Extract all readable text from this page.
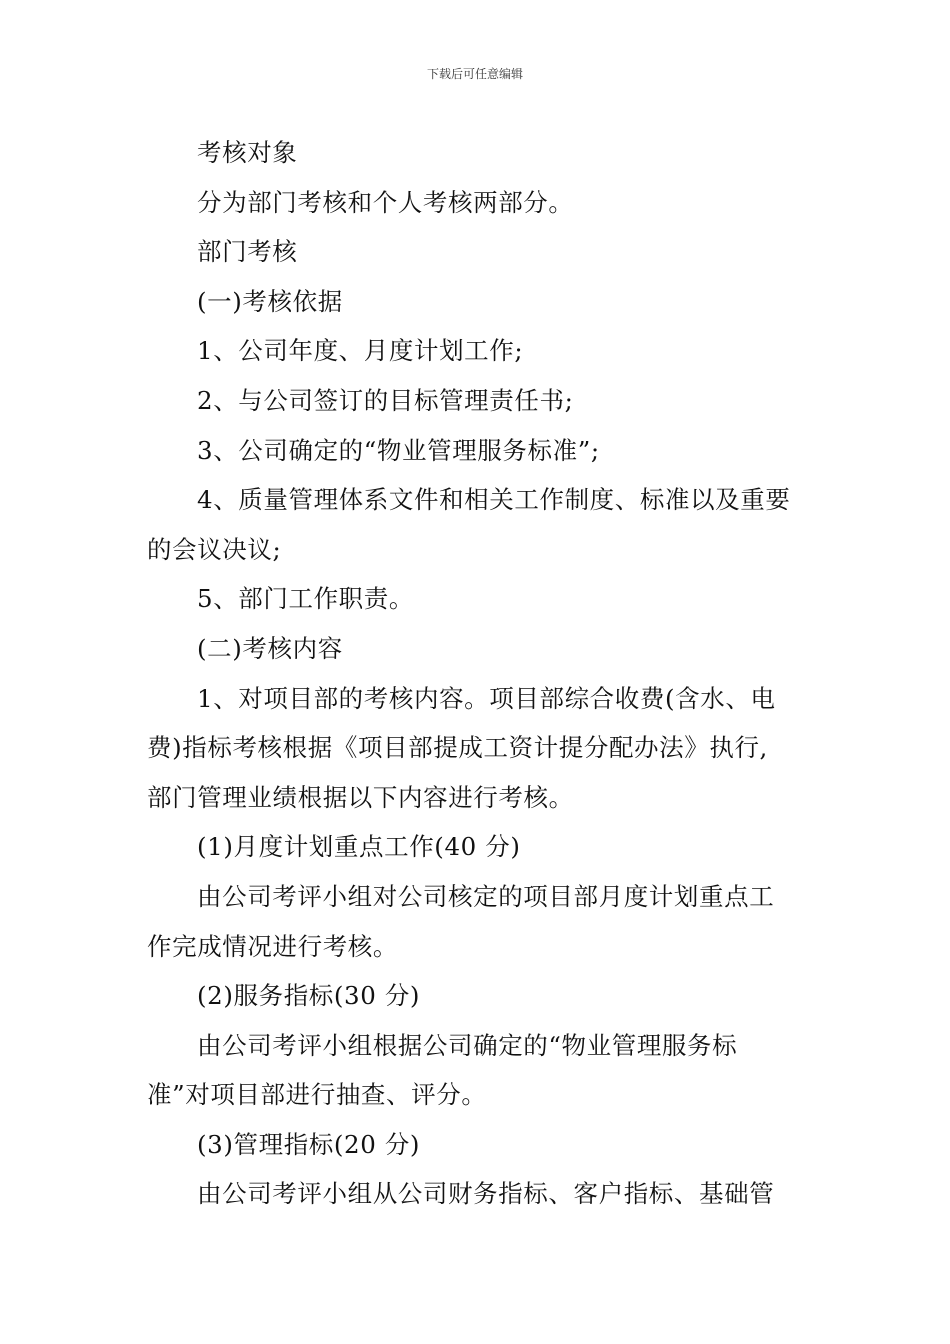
下载后可任意编辑

考核对象

分为部门考核和个人考核两部分。

部门考核

(一)考核依据

1、公司年度、月度计划工作;

2、与公司签订的目标管理责任书;

3、公司确定的“物业管理服务标准”;

4、质量管理体系文件和相关工作制度、标准以及重要

的会议决议;

5、部门工作职责。

(二)考核内容

1、对项目部的考核内容。项目部综合收费(含水、电

费)指标考核根据《项目部提成工资计提分配办法》执行,

部门管理业绩根据以下内容进行考核。

(1)月度计划重点工作(40 分)

由公司考评小组对公司核定的项目部月度计划重点工

作完成情况进行考核。

(2)服务指标(30 分)

由公司考评小组根据公司确定的“物业管理服务标

准”对项目部进行抽查、评分。

(3)管理指标(20 分)

由公司考评小组从公司财务指标、客户指标、基础管
